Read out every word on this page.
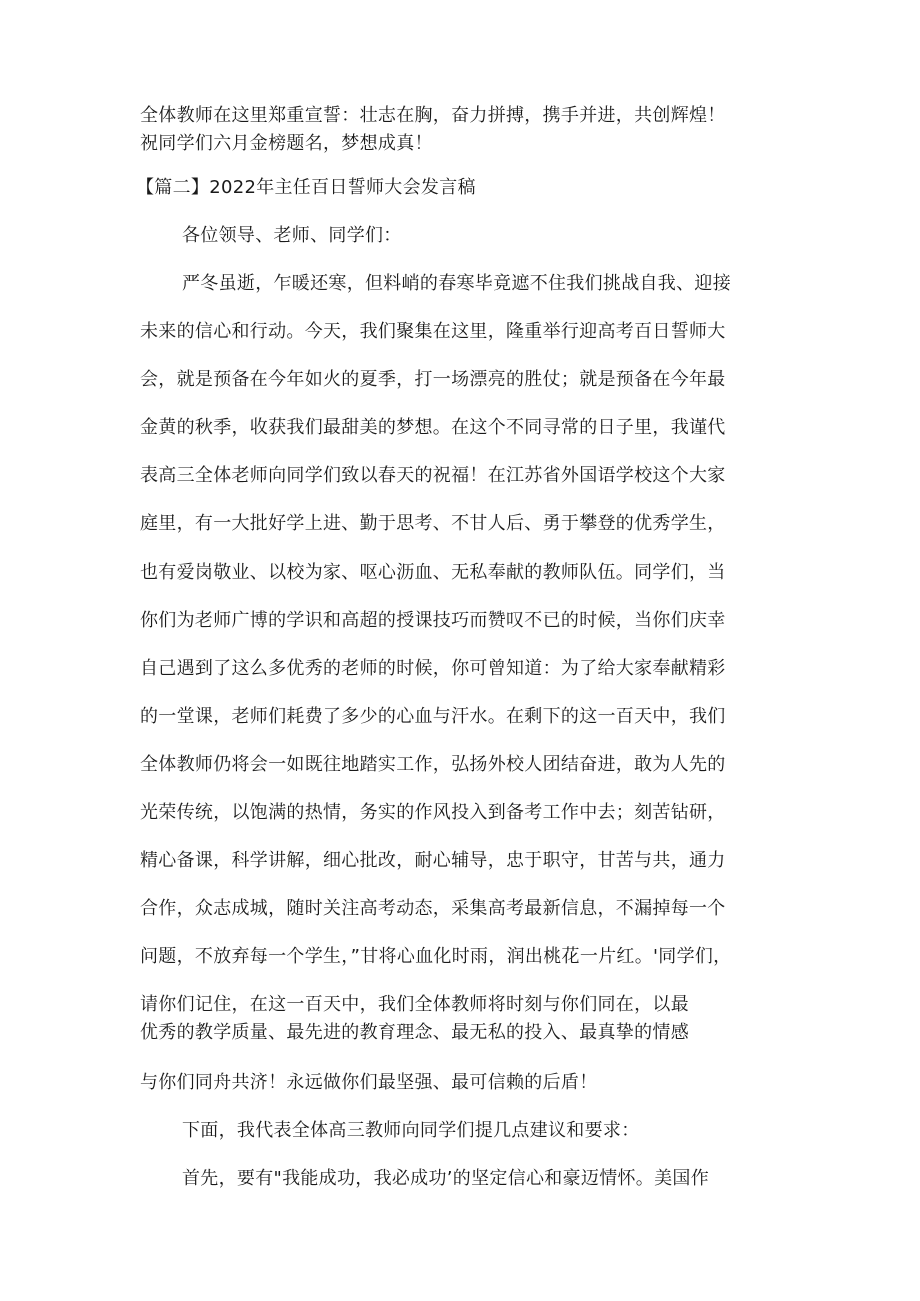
全体教师在这里郑重宣誓：壮志在胸，奋力拼搏，携手并进，共创辉煌！
祝同学们六月金榜题名，梦想成真！
【篇二】2022年主任百日誓师大会发言稿
各位领导、老师、同学们：
严冬虽逝，乍暖还寒，但料峭的春寒毕竟遮不住我们挑战自我、迎接
未来的信心和行动。今天，我们聚集在这里，隆重举行迎高考百日誓师大
会，就是预备在今年如火的夏季，打一场漂亮的胜仗；就是预备在今年最
金黄的秋季，收获我们最甜美的梦想。在这个不同寻常的日子里，我谨代
表高三全体老师向同学们致以春天的祝福！在江苏省外国语学校这个大家
庭里，有一大批好学上进、勤于思考、不甘人后、勇于攀登的优秀学生，
也有爱岗敬业、以校为家、呕心沥血、无私奉献的教师队伍。同学们，当
你们为老师广博的学识和高超的授课技巧而赞叹不已的时候，当你们庆幸
自己遇到了这么多优秀的老师的时候，你可曾知道：为了给大家奉献精彩
的一堂课，老师们耗费了多少的心血与汗水。在剩下的这一百天中，我们
全体教师仍将会一如既往地踏实工作，弘扬外校人团结奋进，敢为人先的
光荣传统，以饱满的热情，务实的作风投入到备考工作中去；刻苦钻研，
精心备课，科学讲解，细心批改，耐心辅导，忠于职守，甘苦与共，通力
合作，众志成城，随时关注高考动态，采集高考最新信息，不漏掉每一个
问题，不放弃每一个学生，”甘将心血化时雨，润出桃花一片红。'同学们，
请你们记住，在这一百天中，我们全体教师将时刻与你们同在，以最
优秀的教学质量、最先进的教育理念、最无私的投入、最真挚的情感
与你们同舟共济！永远做你们最坚强、最可信赖的后盾！
下面，我代表全体高三教师向同学们提几点建议和要求：
首先，要有"我能成功，我必成功’的坚定信心和豪迈情怀。美国作
